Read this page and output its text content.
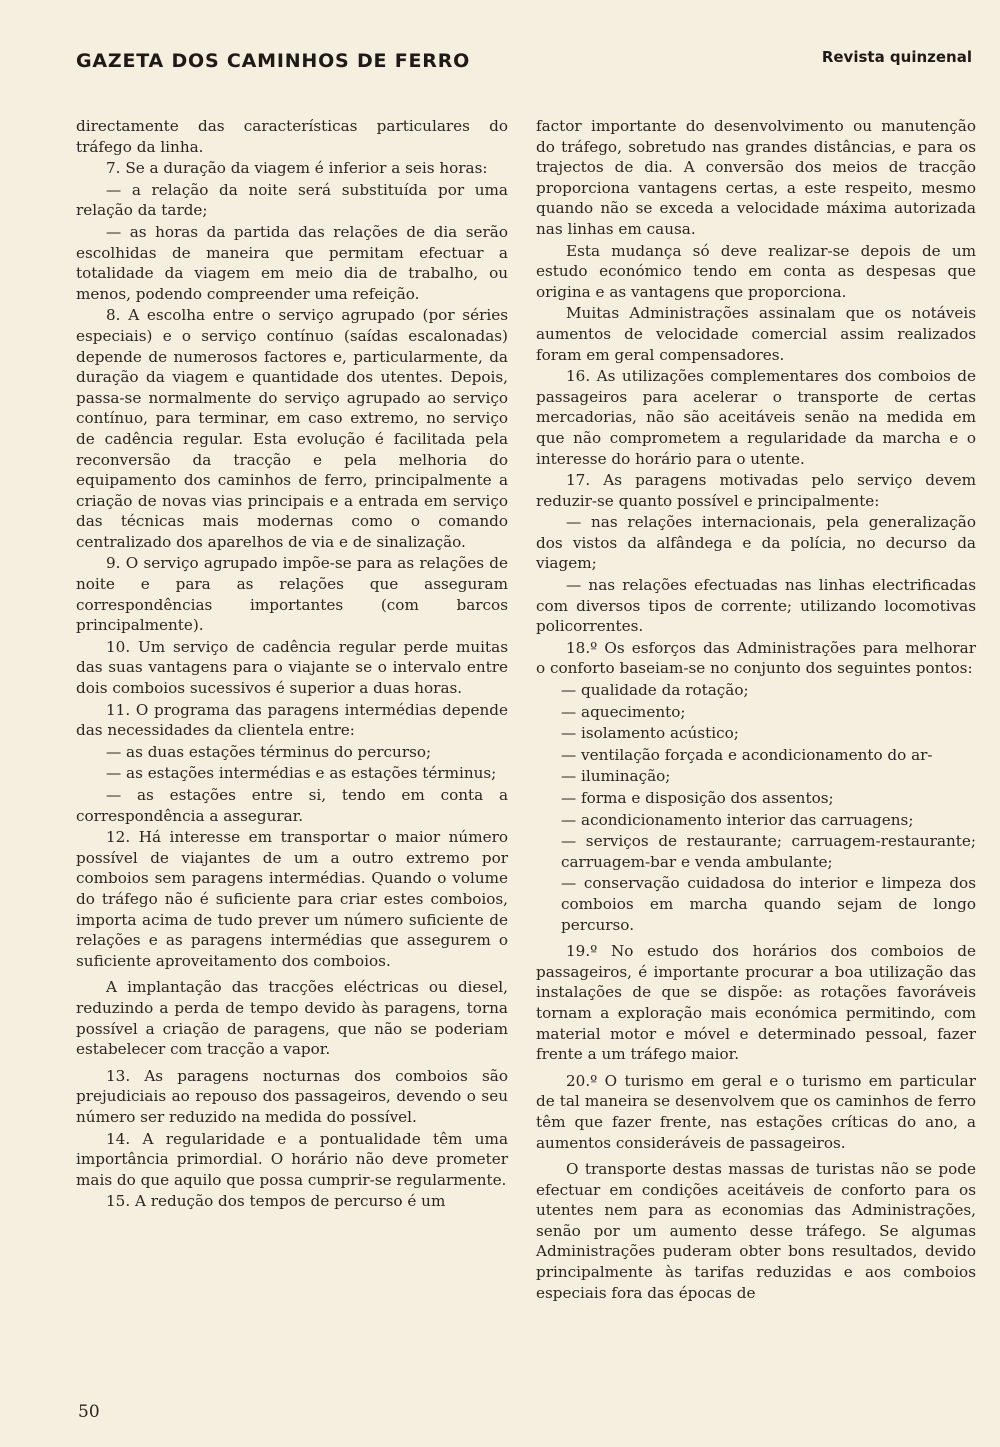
GAZETA DOS CAMINHOS DE FERRO	Revista quinzenal

directamente das características particulares do tráfego da linha.

7. Se a duração da viagem é inferior a seis horas:

— a relação da noite será substituída por uma relação da tarde;

— as horas da partida das relações de dia serão escolhidas de maneira que permitam efectuar a totalidade da viagem em meio dia de trabalho, ou menos, podendo compreender uma refeição.

8. A escolha entre o serviço agrupado (por séries especiais) e o serviço contínuo (saídas escalonadas) depende de numerosos factores e, particularmente, da duração da viagem e quantidade dos utentes. Depois, passa-se normalmente do serviço agrupado ao serviço contínuo, para terminar, em caso extremo, no serviço de cadência regular. Esta evolução é facilitada pela reconversão da tracção e pela melhoria do equipamento dos caminhos de ferro, principalmente a criação de novas vias principais e a entrada em serviço das técnicas mais modernas como o comando centralizado dos aparelhos de via e de sinalização.

9. O serviço agrupado impõe-se para as relações de noite e para as relações que asseguram correspondências importantes (com barcos principalmente).

10. Um serviço de cadência regular perde muitas das suas vantagens para o viajante se o intervalo entre dois comboios sucessivos é superior a duas horas.

11. O programa das paragens intermédias depende das necessidades da clientela entre:

— as duas estações términus do percurso;

— as estações intermédias e as estações términus;

— as estações entre si, tendo em conta a correspondência a assegurar.

12. Há interesse em transportar o maior número possível de viajantes de um a outro extremo por comboios sem paragens intermédias. Quando o volume do tráfego não é suficiente para criar estes comboios, importa acima de tudo prever um número suficiente de relações e as paragens intermédias que assegurem o suficiente aproveitamento dos comboios.

A implantação das tracções eléctricas ou diesel, reduzindo a perda de tempo devido às paragens, torna possível a criação de paragens, que não se poderiam estabelecer com tracção a vapor.

13. As paragens nocturnas dos comboios são prejudiciais ao repouso dos passageiros, devendo o seu número ser reduzido na medida do possível.

14. A regularidade e a pontualidade têm uma importância primordial. O horário não deve prometer mais do que aquilo que possa cumprir-se regularmente.

15. A redução dos tempos de percurso é um

factor importante do desenvolvimento ou manutenção do tráfego, sobretudo nas grandes distâncias, e para os trajectos de dia. A conversão dos meios de tracção proporciona vantagens certas, a este respeito, mesmo quando não se exceda a velocidade máxima autorizada nas linhas em causa.

Esta mudança só deve realizar-se depois de um estudo económico tendo em conta as despesas que origina e as vantagens que proporciona.

Muitas Administrações assinalam que os notáveis aumentos de velocidade comercial assim realizados foram em geral compensadores.

16. As utilizações complementares dos comboios de passageiros para acelerar o transporte de certas mercadorias, não são aceitáveis senão na medida em que não comprometem a regularidade da marcha e o interesse do horário para o utente.

17. As paragens motivadas pelo serviço devem reduzir-se quanto possível e principalmente:

— nas relações internacionais, pela generalização dos vistos da alfândega e da polícia, no decurso da viagem;

— nas relações efectuadas nas linhas electrificadas com diversos tipos de corrente; utilizando locomotivas policorrentes.

18.º Os esforços das Administrações para melhorar o conforto baseiam-se no conjunto dos seguintes pontos:

— qualidade da rotação;

— aquecimento;

— isolamento acústico;

— ventilação forçada e acondicionamento do ar-

— iluminação;

— forma e disposição dos assentos;

— acondicionamento interior das carruagens;

— serviços de restaurante; carruagem-restaurante; carruagem-bar e venda ambulante;

— conservação cuidadosa do interior e limpeza dos comboios em marcha quando sejam de longo percurso.

19.º No estudo dos horários dos comboios de passageiros, é importante procurar a boa utilização das instalações de que se dispõe: as rotações favoráveis tornam a exploração mais económica permitindo, com material motor e móvel e determinado pessoal, fazer frente a um tráfego maior.

20.º O turismo em geral e o turismo em particular de tal maneira se desenvolvem que os caminhos de ferro têm que fazer frente, nas estações críticas do ano, a aumentos consideráveis de passageiros.

O transporte destas massas de turistas não se pode efectuar em condições aceitáveis de conforto para os utentes nem para as economias das Administrações, senão por um aumento desse tráfego. Se algumas Administrações puderam obter bons resultados, devido principalmente às tarifas reduzidas e aos comboios especiais fora das épocas de

50
